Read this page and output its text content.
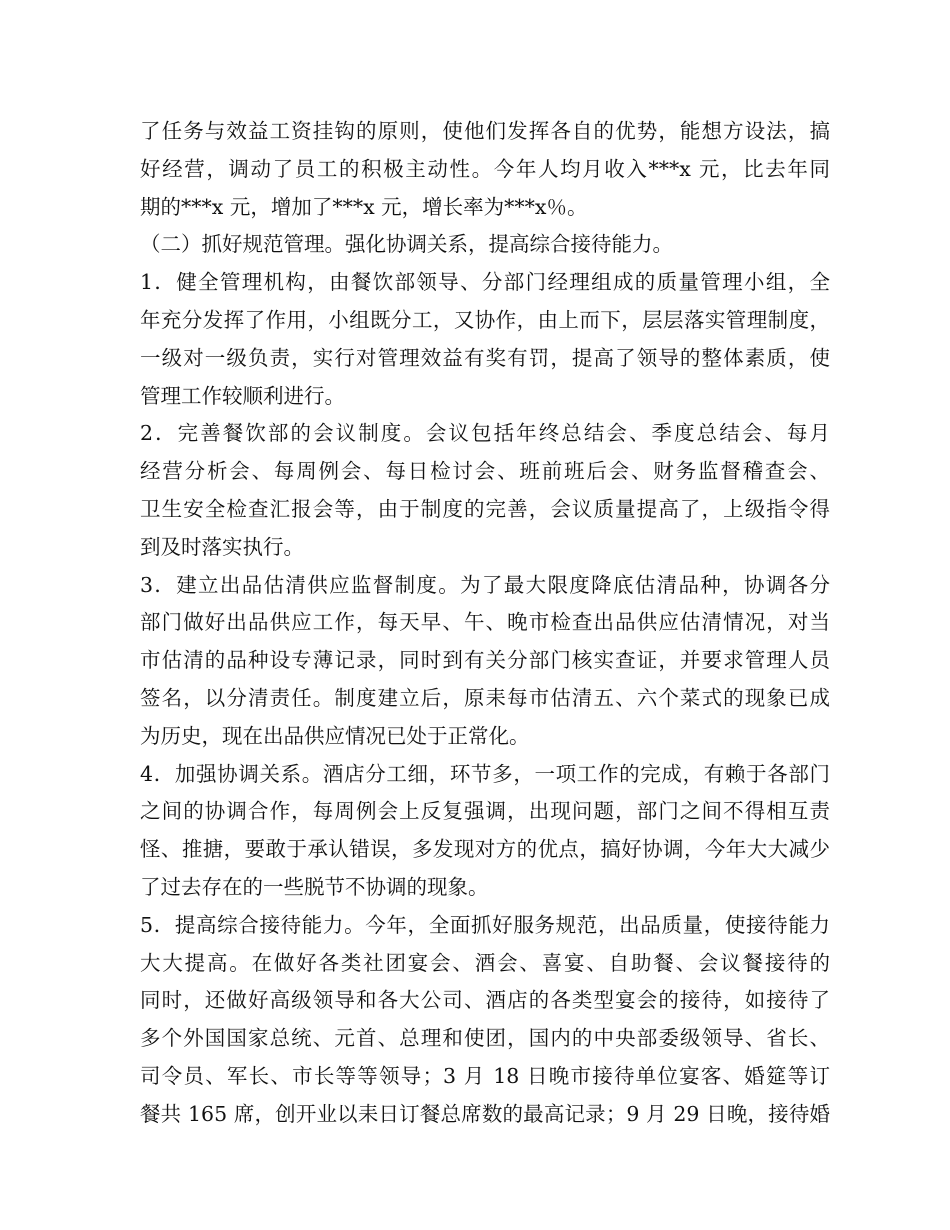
了任务与效益工资挂钩的原则，使他们发挥各自的优势，能想方设法，搞
好经营，调动了员工的积极主动性。今年人均月收入***x 元，比去年同
期的***x 元，增加了***x 元，增长率为***x％。
（二）抓好规范管理。强化协调关系，提高综合接待能力。
1．健全管理机构，由餐饮部领导、分部门经理组成的质量管理小组，全
年充分发挥了作用，小组既分工，又协作，由上而下，层层落实管理制度，
一级对一级负责，实行对管理效益有奖有罚，提高了领导的整体素质，使
管理工作较顺利进行。
2．完善餐饮部的会议制度。会议包括年终总结会、季度总结会、每月
经营分析会、每周例会、每日检讨会、班前班后会、财务监督稽查会、
卫生安全检查汇报会等，由于制度的完善，会议质量提高了，上级指令得
到及时落实执行。
3．建立出品估清供应监督制度。为了最大限度降底估清品种，协调各分
部门做好出品供应工作，每天早、午、晚市检查出品供应估清情况，对当
市估清的品种设专薄记录，同时到有关分部门核实查证，并要求管理人员
签名，以分清责任。制度建立后，原耒每市估清五、六个菜式的现象已成
为历史，现在出品供应情况已处于正常化。
4．加强协调关系。酒店分工细，环节多，一项工作的完成，有赖于各部门
之间的协调合作，每周例会上反复强调，出现问题，部门之间不得相互责
怪、推搪，要敢于承认错误，多发现对方的优点，搞好协调，今年大大减少
了过去存在的一些脱节不协调的现象。
5．提高综合接待能力。今年，全面抓好服务规范，出品质量，使接待能力
大大提高。在做好各类社团宴会、酒会、喜宴、自助餐、会议餐接待的
同时，还做好高级领导和各大公司、酒店的各类型宴会的接待，如接待了
多个外国国家总统、元首、总理和使团，国内的中央部委级领导、省长、
司令员、军长、市长等等领导；3 月 18 日晚市接待单位宴客、婚筵等订
餐共 165 席，创开业以耒日订餐总席数的最高记录；9 月 29 日晚，接待婚
